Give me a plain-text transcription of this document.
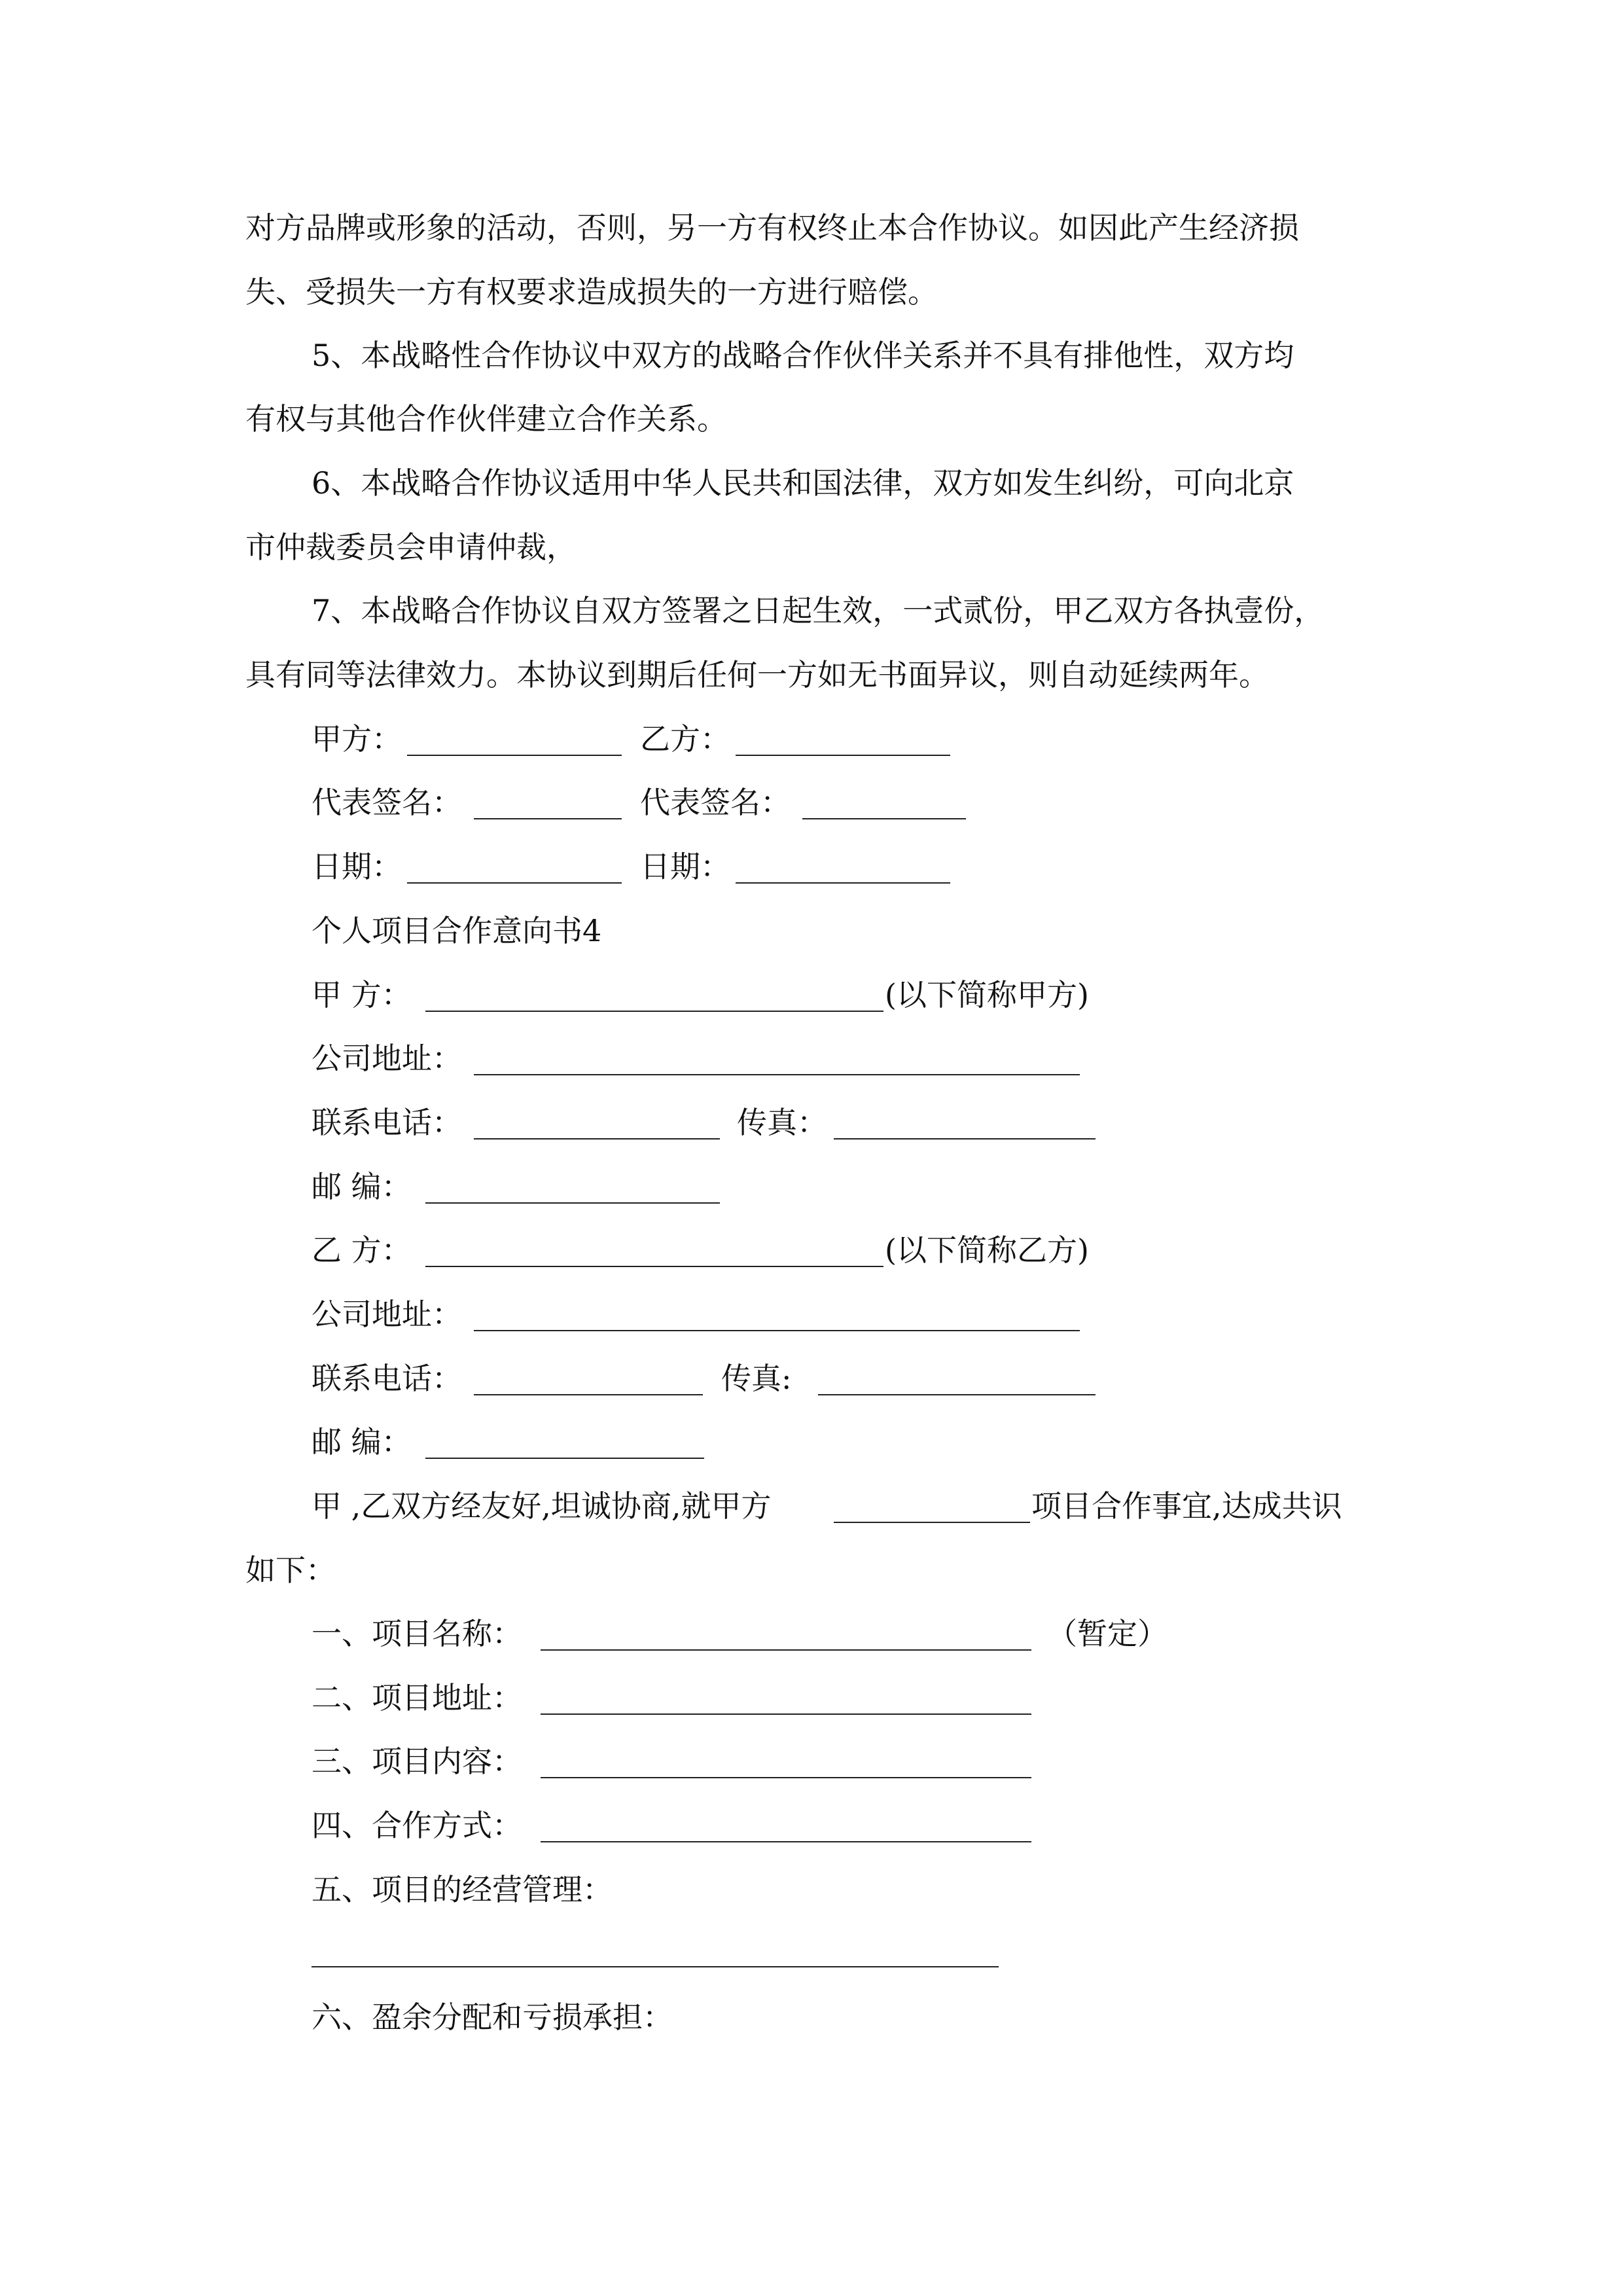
对方品牌或形象的活动，否则，另一方有权终止本合作协议。如因此产生经济损
失、受损失一方有权要求造成损失的一方进行赔偿。
5、本战略性合作协议中双方的战略合作伙伴关系并不具有排他性，双方均
有权与其他合作伙伴建立合作关系。
6、本战略合作协议适用中华人民共和国法律，双方如发生纠纷，可向北京
市仲裁委员会申请仲裁，
7、本战略合作协议自双方签署之日起生效，一式贰份，甲乙双方各执壹份，
具有同等法律效力。本协议到期后任何一方如无书面异议，则自动延续两年。
甲方：	乙方：
代表签名：	代表签名：
日期：	日期：
个人项目合作意向书4
甲 方：	(以下简称甲方)
公司地址：
联系电话：	传真：
邮 编：
乙 方：	(以下简称乙方)
公司地址：
联系电话：	传真:
邮 编：
甲 ,乙双方经友好,坦诚协商,就甲方	项目合作事宜,达成共识
如下：
一、项目名称：	（暂定）
二、项目地址：
三、项目内容：
四、合作方式：
五、项目的经营管理：
六、盈余分配和亏损承担：
